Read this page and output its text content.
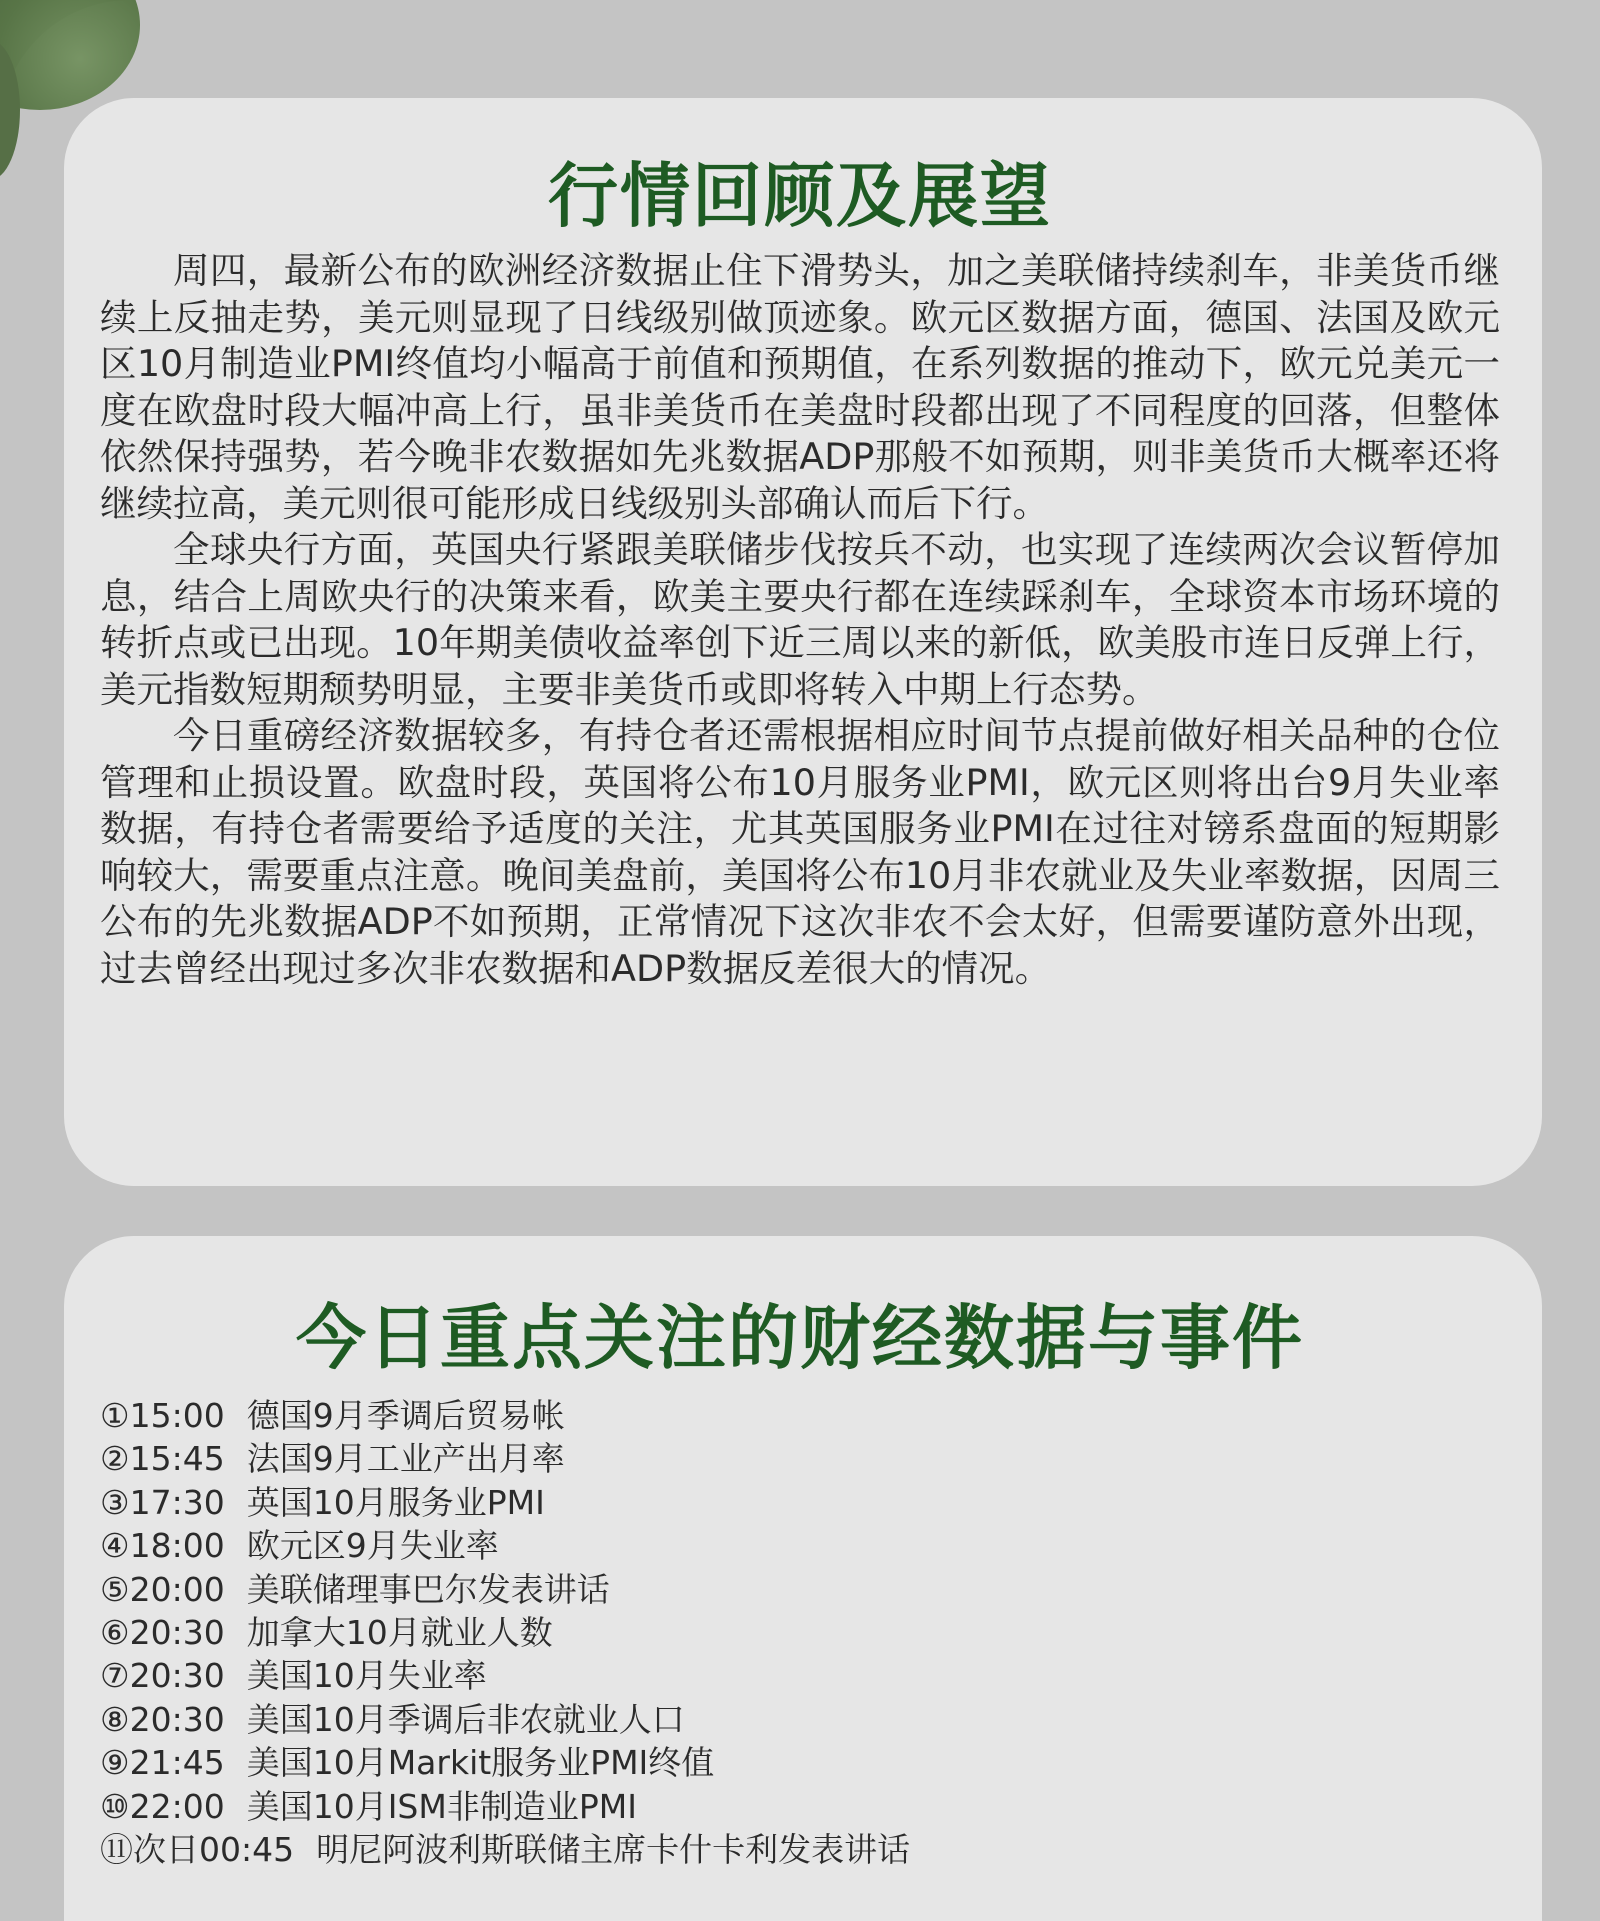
行情回顾及展望

周四，最新公布的欧洲经济数据止住下滑势头，加之美联储持续刹车，非美货币继续上反抽走势，美元则显现了日线级别做顶迹象。欧元区数据方面，德国、法国及欧元区10月制造业PMI终值均小幅高于前值和预期值，在系列数据的推动下，欧元兑美元一度在欧盘时段大幅冲高上行，虽非美货币在美盘时段都出现了不同程度的回落，但整体依然保持强势，若今晚非农数据如先兆数据ADP那般不如预期，则非美货币大概率还将继续拉高，美元则很可能形成日线级别头部确认而后下行。

全球央行方面，英国央行紧跟美联储步伐按兵不动，也实现了连续两次会议暂停加息，结合上周欧央行的决策来看，欧美主要央行都在连续踩刹车，全球资本市场环境的转折点或已出现。10年期美债收益率创下近三周以来的新低，欧美股市连日反弹上行，美元指数短期颓势明显，主要非美货币或即将转入中期上行态势。

今日重磅经济数据较多，有持仓者还需根据相应时间节点提前做好相关品种的仓位管理和止损设置。欧盘时段，英国将公布10月服务业PMI，欧元区则将出台9月失业率数据，有持仓者需要给予适度的关注，尤其英国服务业PMI在过往对镑系盘面的短期影响较大，需要重点注意。晚间美盘前，美国将公布10月非农就业及失业率数据，因周三公布的先兆数据ADP不如预期，正常情况下这次非农不会太好，但需要谨防意外出现，过去曾经出现过多次非农数据和ADP数据反差很大的情况。

今日重点关注的财经数据与事件
①15:00 德国9月季调后贸易帐
②15:45 法国9月工业产出月率
③17:30 英国10月服务业PMI
④18:00 欧元区9月失业率
⑤20:00 美联储理事巴尔发表讲话
⑥20:30 加拿大10月就业人数
⑦20:30 美国10月失业率
⑧20:30 美国10月季调后非农就业人口
⑨21:45 美国10月Markit服务业PMI终值
⑩22:00 美国10月ISM非制造业PMI
⑪次日00:45 明尼阿波利斯联储主席卡什卡利发表讲话
